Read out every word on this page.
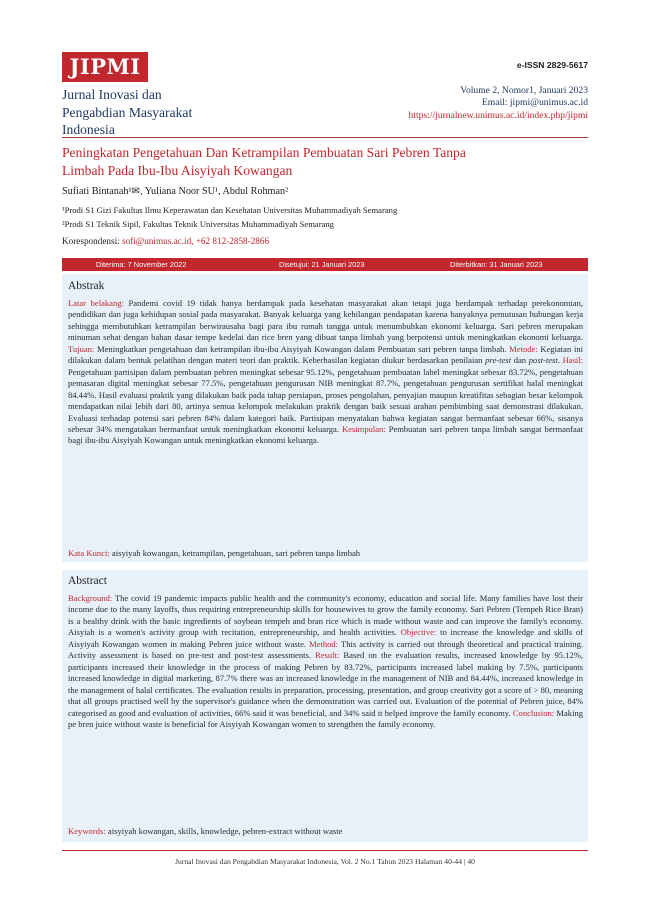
JIPMI	e-ISSN 2829-5617
Jurnal Inovasi dan
Pengabdian Masyarakat
Indonesia
Volume 2, Nomor1, Januari 2023
Email: jipmi@unimus.ac.id
https://jurnalnew.unimus.ac.id/index.php/jipmi
Peningkatan Pengetahuan Dan Ketrampilan Pembuatan Sari Pebren Tanpa
Limbah Pada Ibu-Ibu Aisyiyah Kowangan
Sufiati Bintanah¹✉, Yuliana Noor SU¹, Abdul Rohman²
¹Prodi S1 Gizi Fakultas Ilmu Keperawatan dan Kesehatan Universitas Muhammadiyah Semarang
²Prodi S1 Teknik Sipil, Fakultas Teknik Universitas Muhammadiyah Semarang
Korespondensi: sofi@unimus.ac.id, +62 812-2858-2866
Diterima: 7 November 2022	Disetujui: 21 Januari 2023	Diterbitkan: 31 Januari 2023
Abstrak
Latar belakang: Pandemi covid 19 tidak hanya berdampak pada kesehatan masyarakat akan tetapi juga berdampak terhadap perekonomian, pendidikan dan juga kehidupan sosial pada masyarakat. Banyak keluarga yang kehilangan pendapatan karena banyaknya pemutusan hubungan kerja sehingga membutuhkan ketrampilan berwirausaha bagi para ibu rumah tangga untuk menumbuhkan ekonomi keluarga. Sari pebren merupakan minuman sehat dengan bahan dasar tempe kedelai dan rice bren yang dibuat tanpa limbah yang berpotensi untuk meningkatkan ekonomi keluarga. Tujuan: Meningkatkan pengetahuan dan ketrampilan ibu-ibu Aisyiyah Kowangan dalam Pembuatan sari pebren tanpa limbah. Metode: Kegiatan ini dilakukan dalam bentuk pelatihan dengan materi teori dan praktik. Keberhasilan kegiatan diukur berdasarkan penilaian pre-test dan post-test. Hasil: Pengetahuan partisipan dalam pembuatan pebren meningkat sebesar 95.12%, pengetahuan pembuatan label meningkat sebesar 83.72%, pengetahuan pemasaran digital meningkat sebesar 77.5%, pengetahuan pengurusan NIB meningkat 87.7%, pengetahuan pengurusan sertifikat halal meningkat 84.44%. Hasil evaluasi praktik yang dilakukan baik pada tahap persiapan, proses pengolahan, penyajian maupun kreatifitas sebagian besar kelompok mendapatkan nilai lebih dari 80, artinya semua kelompok melakukan praktik dengan baik sesuai arahan pembimbing saat demonstrasi dilakukan. Evaluasi terhadap potensi sari pebren 84% dalam kategori baik. Partisipan menyatakan bahwa kegiatan sangat bermanfaat sebesar 66%, sisanya sebesar 34% mengatakan bermanfaat untuk meningkatkan ekonomi keluarga. Kesimpulan: Pembuatan sari pebren tanpa limbah sangat bermanfaat bagi ibu-ibu Aisyiyah Kowangan untuk meningkatkan ekonomi keluarga.
Kata Kunci: aisyiyah kowangan, ketrampilan, pengetahuan, sari pebren tanpa limbah
Abstract
Background: The covid 19 pandemic impacts public health and the community's economy, education and social life. Many families have lost their income due to the many layoffs, thus requiring entrepreneurship skills for housewives to grow the family economy. Sari Pebren (Tempeh Rice Bran) is a healthy drink with the basic ingredients of soybean tempeh and bran rice which is made without waste and can improve the family's economy. Aisyiah is a women's activity group with recitation, entrepreneurship, and health activities. Objective: to increase the knowledge and skills of Aisyiyah Kowangan women in making Pebren juice without waste. Method: This activity is carried out through theoretical and practical training. Activity assessment is based on pre-test and post-test assessments. Result: Based on the evaluation results, increased knowledge by 95.12%, participants increased their knowledge in the process of making Pebren by 83.72%, participants increased label making by 7.5%, participants increased knowledge in digital marketing, 87.7% there was an increased knowledge in the management of NIB and 84.44%, increased knowledge in the management of halal certificates. The evaluation results in preparation, processing, presentation, and group creativity got a score of > 80, meaning that all groups practised well by the supervisor's guidance when the demonstration was carried out. Evaluation of the potential of Pebren juice, 84% categorised as good and evaluation of activities, 66% said it was beneficial, and 34% said it helped improve the family economy. Conclusion: Making pe bren juice without waste is beneficial for Aisyiyah Kowangan women to strengthen the family economy.
Keywords: aisyiyah kowangan, skills, knowledge, pebren-extract without waste
Jurnal Inovasi dan Pengabdian Masyarakat Indonesia, Vol. 2 No.1 Tahun 2023 Halaman 40-44 | 40
